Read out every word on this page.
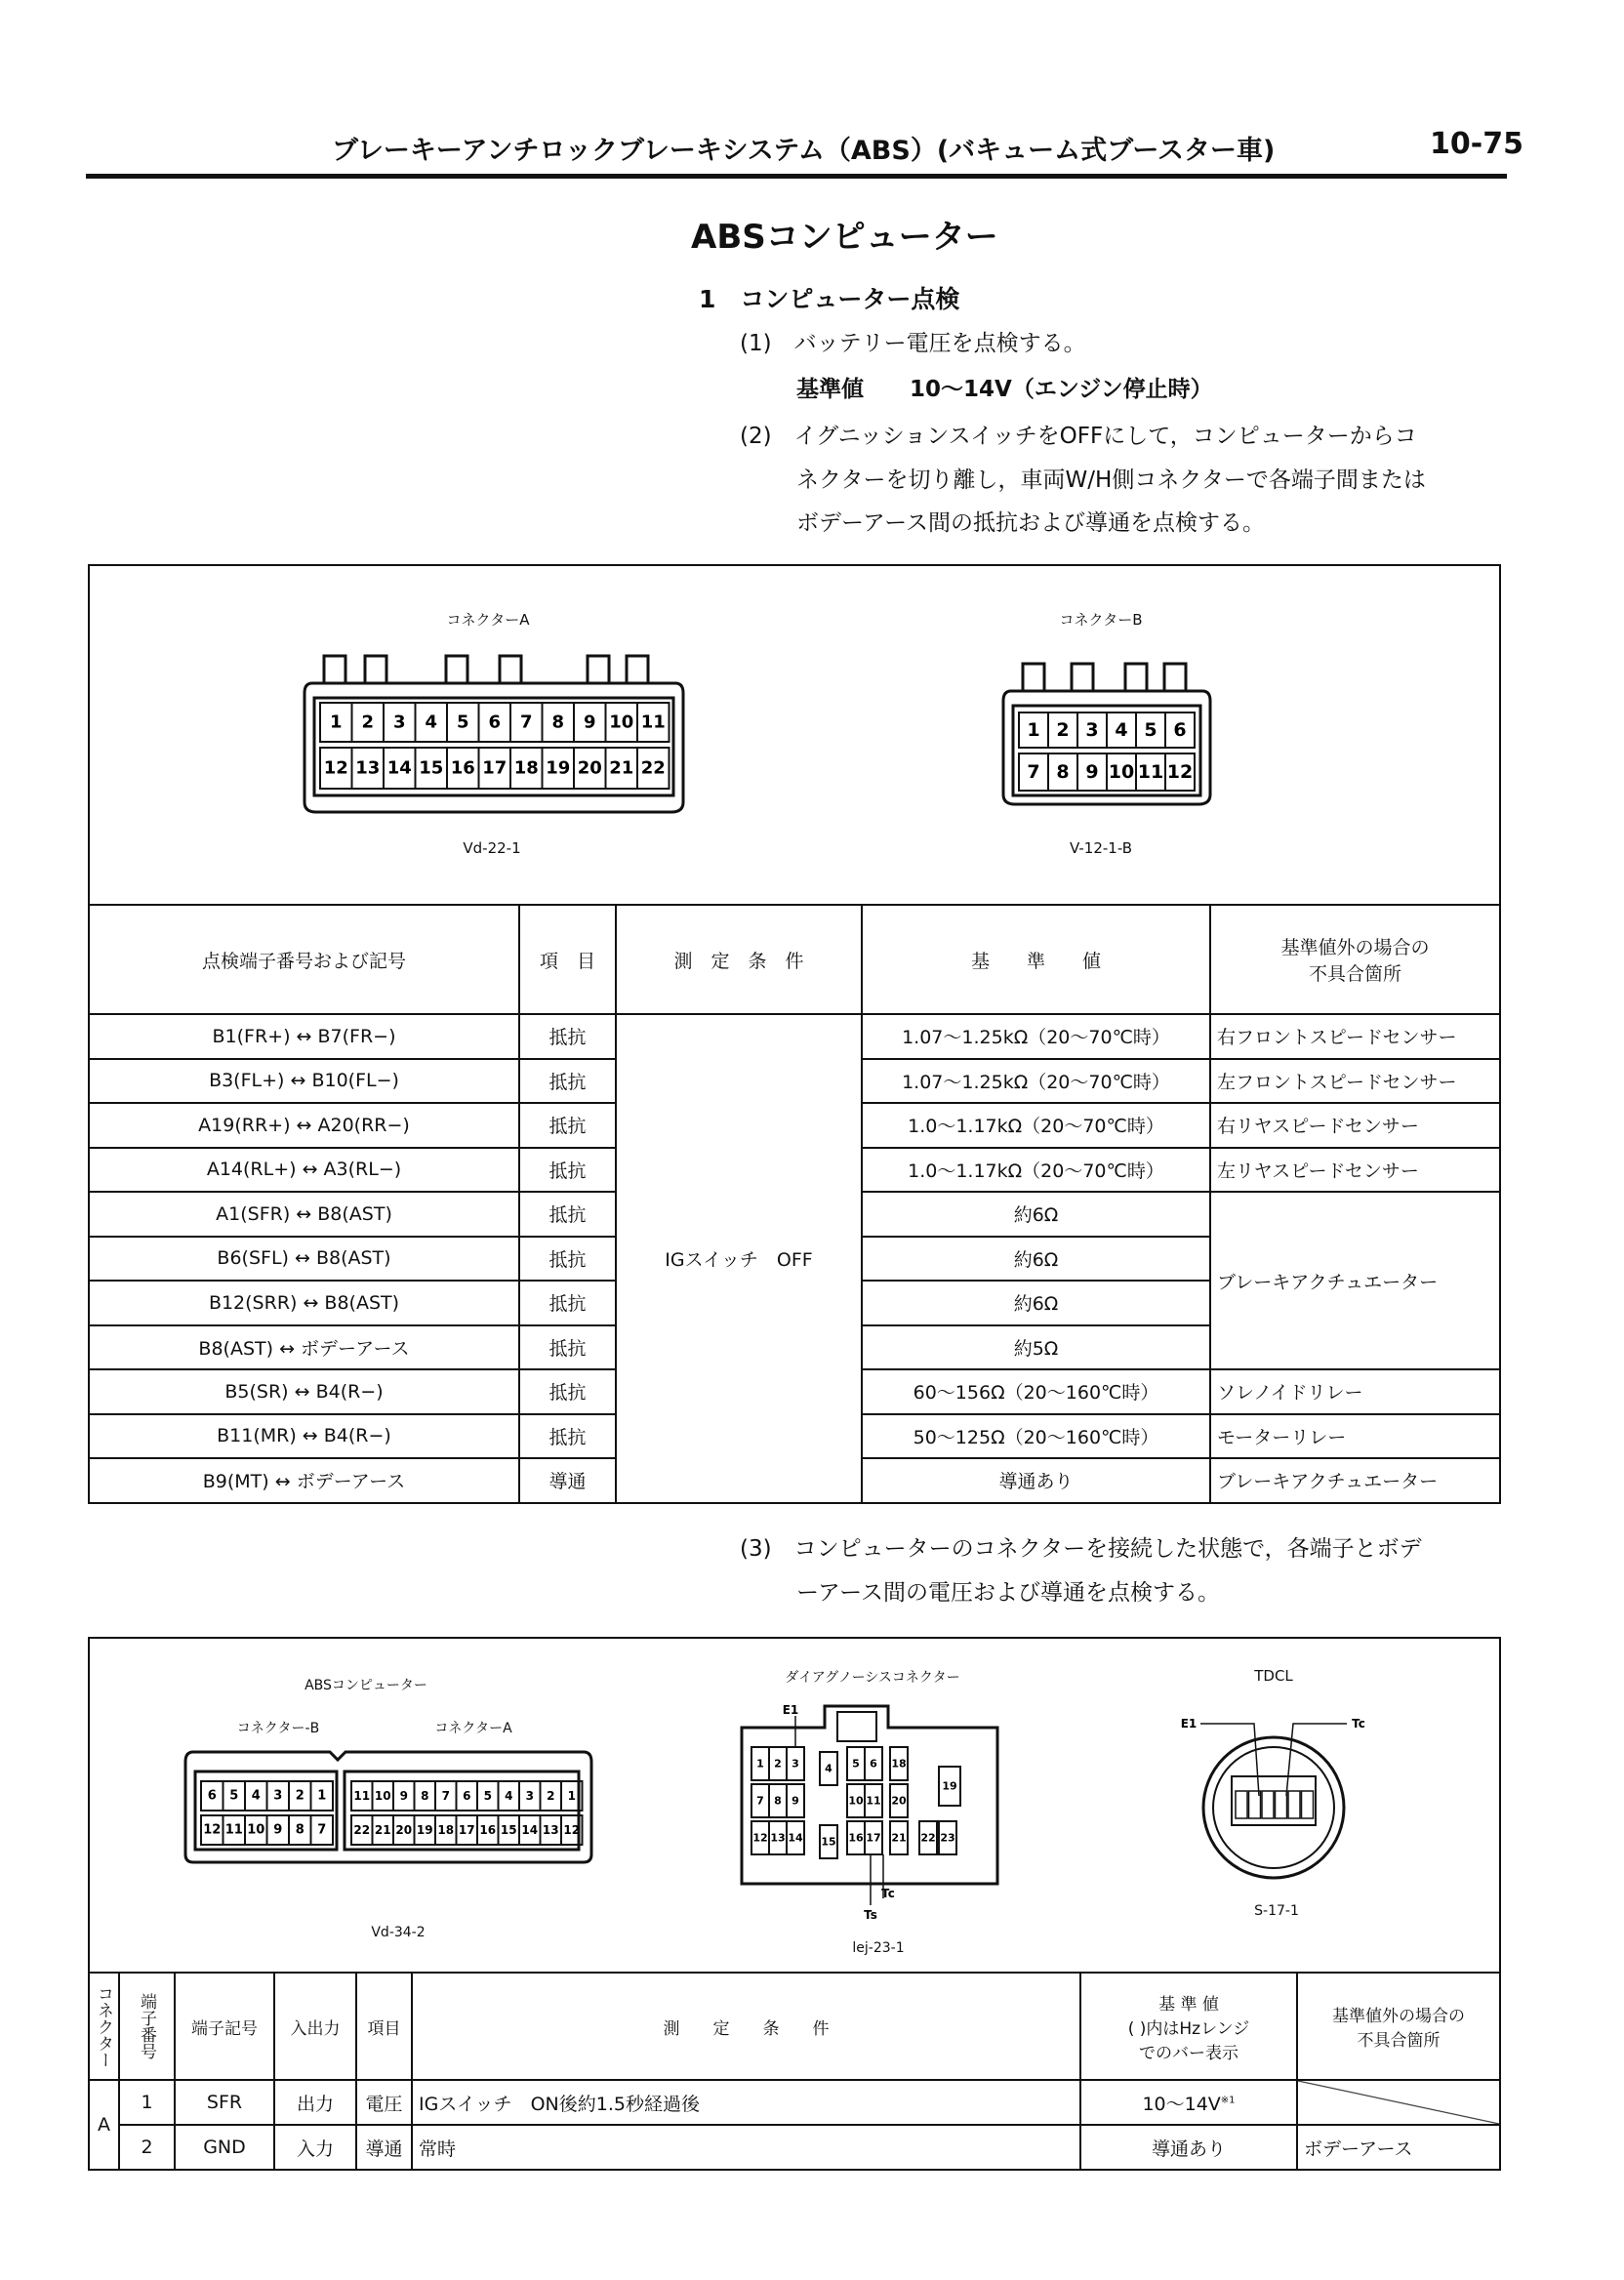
ブレーキーアンチロックブレーキシステム（ABS）(バキューム式ブースター車)	10-75
ABSコンピューター
1　コンピューター点検
(1)　バッテリー電圧を点検する。
基準値 10〜14V（エンジン停止時）
(2)　イグニッションスイッチをOFFにして，コンピューターからコ
ネクターを切り離し，車両W/H側コネクターで各端子間または
ボデーアース間の抵抗および導通を点検する。
コネクターA
Vd-22-1
コネクターB
V-12-1-B
1 2 3 4 5 6 7 8 9 10 11
12 13 14 15 16 17 18 19 20 21 22
1 2 3 4 5 6
7 8 9 10 11 12
点検端子番号および記号	項　目	測　定　条　件	基　　準　　値	基準値外の場合の
不具合箇所
B1(FR+) ↔ B7(FR−)	抵抗	IGスイッチ　OFF	1.07〜1.25kΩ（20〜70℃時）	右フロントスピードセンサー
B3(FL+) ↔ B10(FL−)	抵抗		1.07〜1.25kΩ（20〜70℃時）	左フロントスピードセンサー
A19(RR+) ↔ A20(RR−)	抵抗		1.0〜1.17kΩ（20〜70℃時）	右リヤスピードセンサー
A14(RL+) ↔ A3(RL−)	抵抗		1.0〜1.17kΩ（20〜70℃時）	左リヤスピードセンサー
A1(SFR) ↔ B8(AST)	抵抗		約6Ω	ブレーキアクチュエーター
B6(SFL) ↔ B8(AST)	抵抗		約6Ω	
B12(SRR) ↔ B8(AST)	抵抗		約6Ω	
B8(AST) ↔ ボデーアース	抵抗		約5Ω	
B5(SR) ↔ B4(R−)	抵抗		60〜156Ω（20〜160℃時）	ソレノイドリレー
B11(MR) ↔ B4(R−)	抵抗		50〜125Ω（20〜160℃時）	モーターリレー
B9(MT) ↔ ボデーアース	導通		導通あり	ブレーキアクチュエーター
(3)　コンピューターのコネクターを接続した状態で，各端子とボデ
ーアース間の電圧および導通を点検する。
ABSコンピューター
コネクター-B	コネクターA
Vd-34-2
6 5 4 3 2 1
12 11 10 9 8 7
11 10 9 8 7 6 5 4 3 2 1
22 21 20 19 18 17 16 15 14 13 12
ダイアグノーシスコネクター
lej-23-1
1 2 3 4 5 6 18
19
7 8 9	10 11 20
12 13 14 15 16 17 21 22 23
E1
Tc
Ts
TDCL
S-17-1
E1	Tc
コネクター	端子番号	端子記号	入出力	項目	測　　定　　条　　件	基 準 値
( )内はHzレンジ
でのバー表示	基準値外の場合の
不具合箇所
A	1	SFR	出力	電圧	IGスイッチ　ON後約1.5秒経過後	10〜$14V^{※1}$	
	2	GND	入力	導通	常時	導通あり	ボデーアース
